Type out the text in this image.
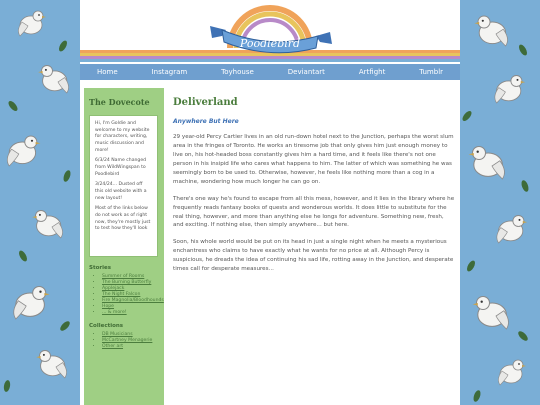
Poodlebird
Home	Instagram	Toyhouse	Deviantart	Artfight	Tumblr
The Dovecote

Hi, I'm Goldie and welcome to my website for characters, writing, music discussion and more!

6/3/24 Name changed from WildWingspan to Poodlebird

3/24/24... Dusted off this old website with a new layout!

Most of the links below do not work as of right now, they're mostly just to test how they'll look

Stories
• Summer of Rooms
• The Burning Butterfly
• Applejack
• The Night Falcon
• Fire Magnolia/Bloodhounds
• Hope
• ... & more!
Collections
• DB Musicians
• McCartney Menagerie
• Other art
Deliverland
Anywhere But Here

29 year-old Percy Cartier lives in an old run-down hotel next to the Junction, perhaps the worst slum area in the fringes of Toronto. He works an tiresome job that only gives him just enough money to live on, his hot-headed boss constantly gives him a hard time, and it feels like there's not one person in his insipid life who cares what happens to him. The latter of which was something he was seemingly born to be used to. Otherwise, however, he feels like nothing more than a cog in a machine, wondering how much longer he can go on.

There's one way he's found to escape from all this mess, however, and it lies in the library where he frequently reads fantasy books of quests and wonderous worlds. It does little to substitute for the real thing, however, and more than anything else he longs for adventure. Something new, fresh, and exciting. If nothing else, then simply anywhere... but here.

Soon, his whole world would be put on its head in just a single night when he meets a mysterious enchantress who claims to have exactly what he wants for no price at all. Although Percy is suspicious, he dreads the idea of continuing his sad life, rotting away in the Junction, and desperate times call for desperate measures...
